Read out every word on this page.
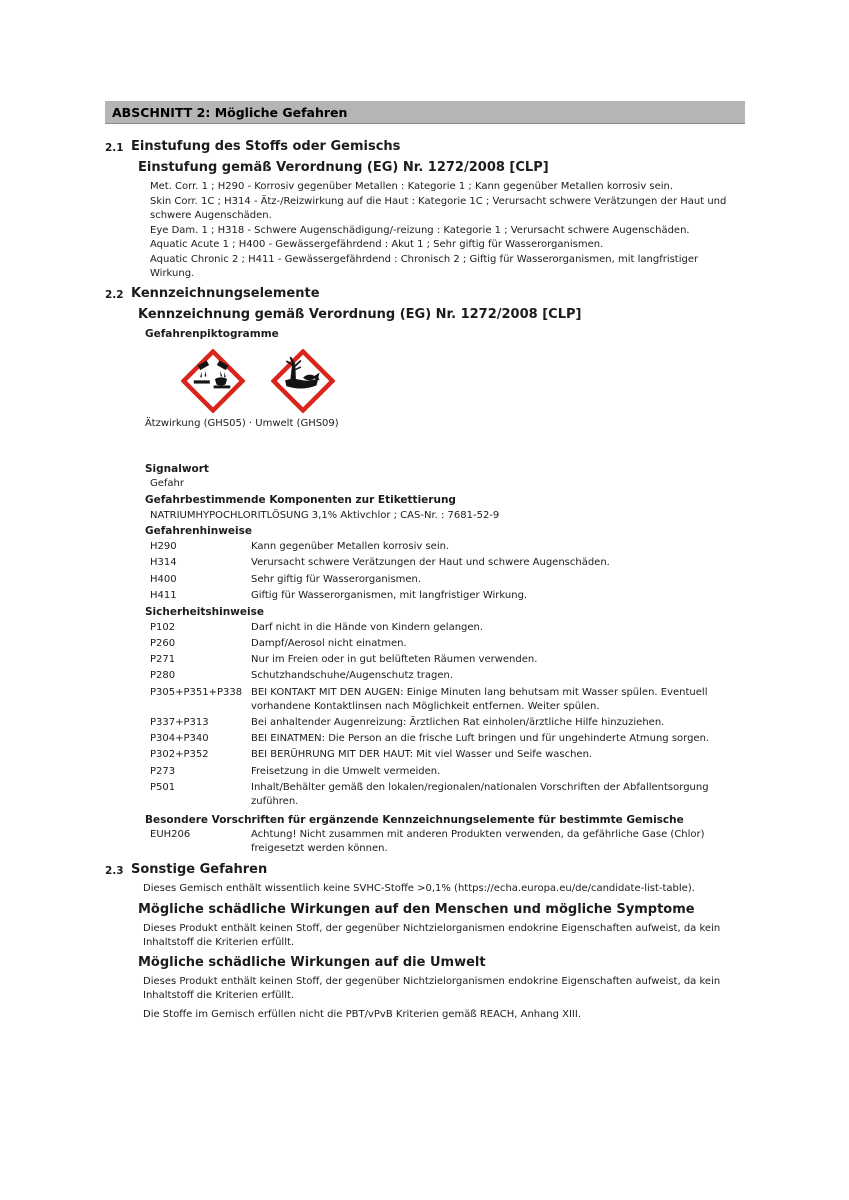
ABSCHNITT 2: Mögliche Gefahren
2.1 Einstufung des Stoffs oder Gemischs
Einstufung gemäß Verordnung (EG) Nr. 1272/2008 [CLP]
Met. Corr. 1 ; H290 - Korrosiv gegenüber Metallen : Kategorie 1 ; Kann gegenüber Metallen korrosiv sein.
Skin Corr. 1C ; H314 - Ätz-/Reizwirkung auf die Haut : Kategorie 1C ; Verursacht schwere Verätzungen der Haut und schwere Augenschäden.
Eye Dam. 1 ; H318 - Schwere Augenschädigung/-reizung : Kategorie 1 ; Verursacht schwere Augenschäden.
Aquatic Acute 1 ; H400 - Gewässergefährdend : Akut 1 ; Sehr giftig für Wasserorganismen.
Aquatic Chronic 2 ; H411 - Gewässergefährdend : Chronisch 2 ; Giftig für Wasserorganismen, mit langfristiger Wirkung.
2.2 Kennzeichnungselemente
Kennzeichnung gemäß Verordnung (EG) Nr. 1272/2008 [CLP]
Gefahrenpiktogramme
Ätzwirkung (GHS05) · Umwelt (GHS09)
Signalwort
Gefahr
Gefahrbestimmende Komponenten zur Etikettierung
NATRIUMHYPOCHLORITLÖSUNG 3,1% Aktivchlor ; CAS-Nr. : 7681-52-9
Gefahrenhinweise
H290	Kann gegenüber Metallen korrosiv sein.
H314	Verursacht schwere Verätzungen der Haut und schwere Augenschäden.
H400	Sehr giftig für Wasserorganismen.
H411	Giftig für Wasserorganismen, mit langfristiger Wirkung.
Sicherheitshinweise
P102	Darf nicht in die Hände von Kindern gelangen.
P260	Dampf/Aerosol nicht einatmen.
P271	Nur im Freien oder in gut belüfteten Räumen verwenden.
P280	Schutzhandschuhe/Augenschutz tragen.
P305+P351+P338 BEI KONTAKT MIT DEN AUGEN: Einige Minuten lang behutsam mit Wasser spülen. Eventuell vorhandene Kontaktlinsen nach Möglichkeit entfernen. Weiter spülen.
P337+P313	Bei anhaltender Augenreizung: Ärztlichen Rat einholen/ärztliche Hilfe hinzuziehen.
P304+P340	BEI EINATMEN: Die Person an die frische Luft bringen und für ungehinderte Atmung sorgen.
P302+P352	BEI BERÜHRUNG MIT DER HAUT: Mit viel Wasser und Seife waschen.
P273	Freisetzung in die Umwelt vermeiden.
P501	Inhalt/Behälter gemäß den lokalen/regionalen/nationalen Vorschriften der Abfallentsorgung zuführen.
Besondere Vorschriften für ergänzende Kennzeichnungselemente für bestimmte Gemische
EUH206	Achtung! Nicht zusammen mit anderen Produkten verwenden, da gefährliche Gase (Chlor) freigesetzt werden können.
2.3 Sonstige Gefahren
Dieses Gemisch enthält wissentlich keine SVHC-Stoffe >0,1% (https://echa.europa.eu/de/candidate-list-table).
Mögliche schädliche Wirkungen auf den Menschen und mögliche Symptome
Dieses Produkt enthält keinen Stoff, der gegenüber Nichtzielorganismen endokrine Eigenschaften aufweist, da kein Inhaltstoff die Kriterien erfüllt.
Mögliche schädliche Wirkungen auf die Umwelt
Dieses Produkt enthält keinen Stoff, der gegenüber Nichtzielorganismen endokrine Eigenschaften aufweist, da kein Inhaltstoff die Kriterien erfüllt.
Die Stoffe im Gemisch erfüllen nicht die PBT/vPvB Kriterien gemäß REACH, Anhang XIII.
